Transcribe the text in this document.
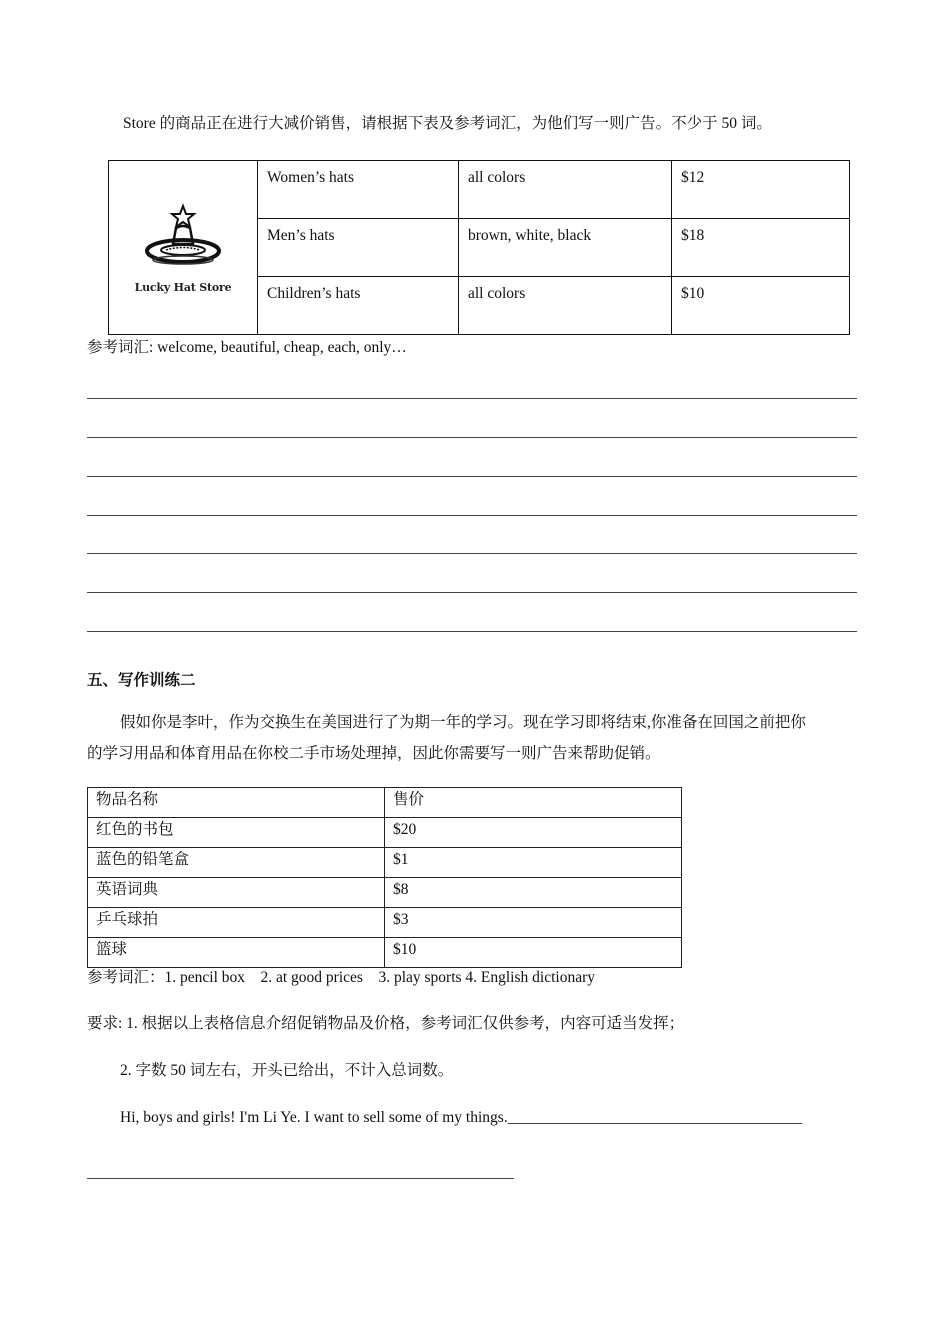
Store 的商品正在进行大减价销售，请根据下表及参考词汇，为他们写一则广告。不少于 50 词。
Lucky Hat Store	Women’s hats	all colors	$12
	Men’s hats	brown, white, black	$18
	Children’s hats	all colors	$10
参考词汇: welcome, beautiful, cheap, each, only…
五、写作训练二
假如你是李叶，作为交换生在美国进行了为期一年的学习。现在学习即将结束,你准备在回国之前把你
的学习用品和体育用品在你校二手市场处理掉，因此你需要写一则广告来帮助促销。
物品名称	售价
红色的书包	$20
蓝色的铅笔盒	$1
英语词典	$8
乒乓球拍	$3
篮球	$10
参考词汇：1. pencil box    2. at good prices    3. play sports 4. English dictionary
要求: 1. 根据以上表格信息介绍促销物品及价格，参考词汇仅供参考，内容可适当发挥；
2. 字数 50 词左右，开头已给出，不计入总词数。
Hi, boys and girls! I'm Li Ye. I want to sell some of my things.______________________________________
